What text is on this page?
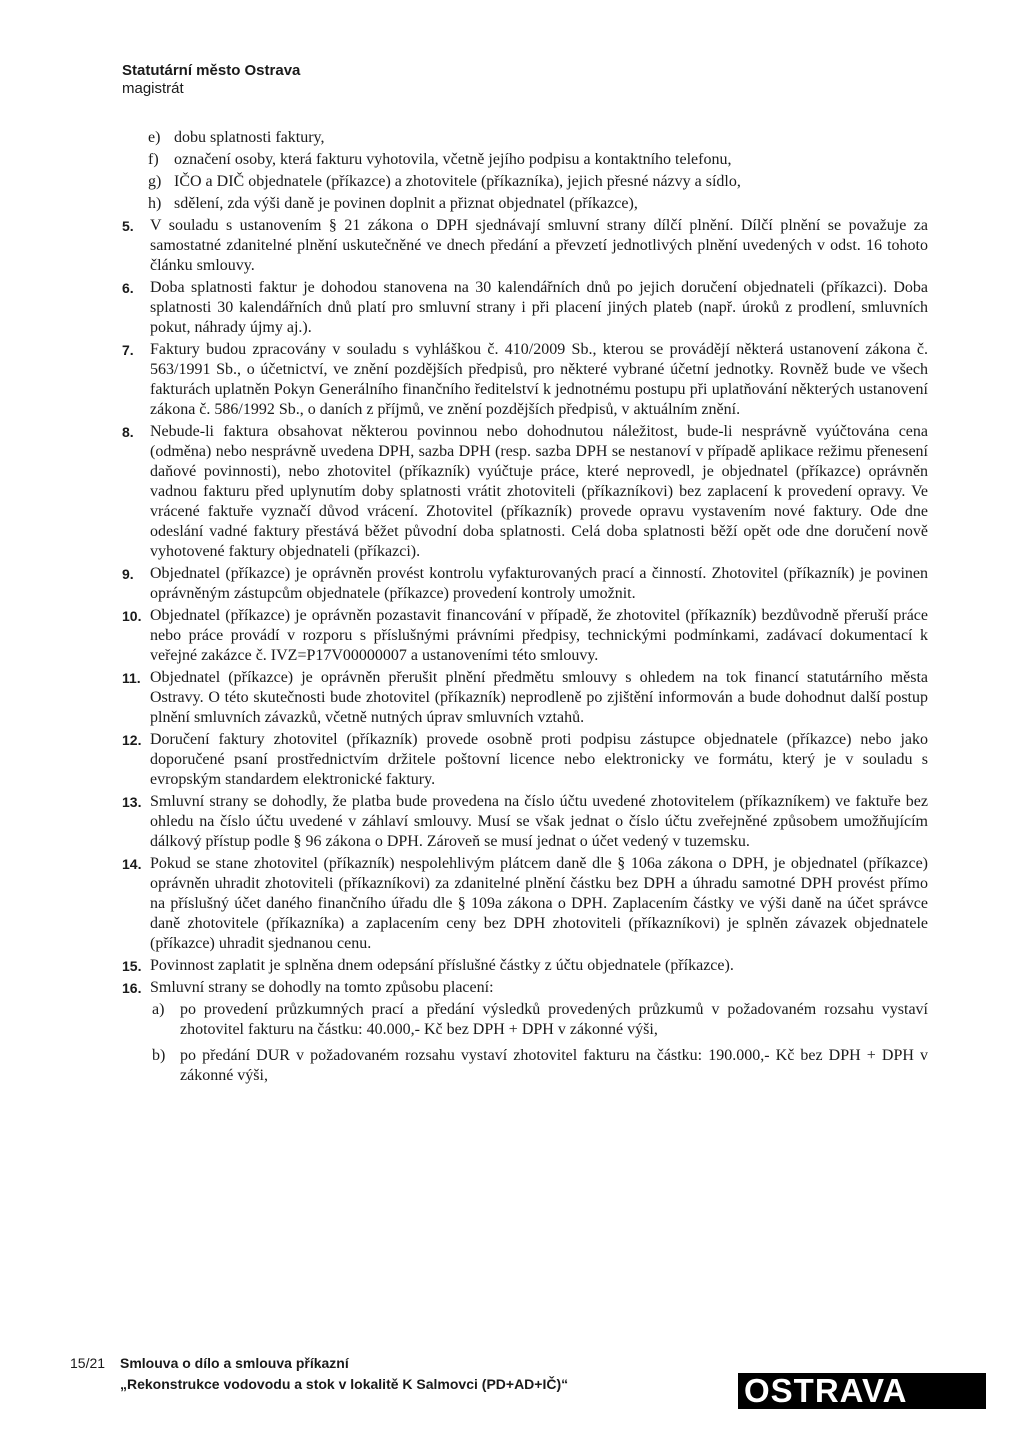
Statutární město Ostrava
magistrát
e) dobu splatnosti faktury,
f) označení osoby, která fakturu vyhotovila, včetně jejího podpisu a kontaktního telefonu,
g) IČO a DIČ objednatele (příkazce) a zhotovitele (příkazníka), jejich přesné názvy a sídlo,
h) sdělení, zda výši daně je povinen doplnit a přiznat objednatel (příkazce),
5. V souladu s ustanovením § 21 zákona o DPH sjednávají smluvní strany dílčí plnění. Dílčí plnění se považuje za samostatné zdanitelné plnění uskutečněné ve dnech předání a převzetí jednotlivých plnění uvedených v odst. 16 tohoto článku smlouvy.
6. Doba splatnosti faktur je dohodou stanovena na 30 kalendářních dnů po jejich doručení objednateli (příkazci). Doba splatnosti 30 kalendářních dnů platí pro smluvní strany i při placení jiných plateb (např. úroků z prodlení, smluvních pokut, náhrady újmy aj.).
7. Faktury budou zpracovány v souladu s vyhláškou č. 410/2009 Sb., kterou se provádějí některá ustanovení zákona č. 563/1991 Sb., o účetnictví, ve znění pozdějších předpisů, pro některé vybrané účetní jednotky. Rovněž bude ve všech fakturách uplatněn Pokyn Generálního finančního ředitelství k jednotnému postupu při uplatňování některých ustanovení zákona č. 586/1992 Sb., o daních z příjmů, ve znění pozdějších předpisů, v aktuálním znění.
8. Nebude-li faktura obsahovat některou povinnou nebo dohodnutou náležitost, bude-li nesprávně vyúčtována cena (odměna) nebo nesprávně uvedena DPH, sazba DPH (resp. sazba DPH se nestanoví v případě aplikace režimu přenesení daňové povinnosti), nebo zhotovitel (příkazník) vyúčtuje práce, které neprovedl, je objednatel (příkazce) oprávněn vadnou fakturu před uplynutím doby splatnosti vrátit zhotoviteli (příkazníkovi) bez zaplacení k provedení opravy. Ve vrácené faktuře vyznačí důvod vrácení. Zhotovitel (příkazník) provede opravu vystavením nové faktury. Ode dne odeslání vadné faktury přestává běžet původní doba splatnosti. Celá doba splatnosti běží opět ode dne doručení nově vyhotovené faktury objednateli (příkazci).
9. Objednatel (příkazce) je oprávněn provést kontrolu vyfakturovaných prací a činností. Zhotovitel (příkazník) je povinen oprávněným zástupcům objednatele (příkazce) provedení kontroly umožnit.
10. Objednatel (příkazce) je oprávněn pozastavit financování v případě, že zhotovitel (příkazník) bezdůvodně přeruší práce nebo práce provádí v rozporu s příslušnými právními předpisy, technickými podmínkami, zadávací dokumentací k veřejné zakázce č. IVZ=P17V00000007 a ustanoveními této smlouvy.
11. Objednatel (příkazce) je oprávněn přerušit plnění předmětu smlouvy s ohledem na tok financí statutárního města Ostravy. O této skutečnosti bude zhotovitel (příkazník) neprodleně po zjištění informován a bude dohodnut další postup plnění smluvních závazků, včetně nutných úprav smluvních vztahů.
12. Doručení faktury zhotovitel (příkazník) provede osobně proti podpisu zástupce objednatele (příkazce) nebo jako doporučené psaní prostřednictvím držitele poštovní licence nebo elektronicky ve formátu, který je v souladu s evropským standardem elektronické faktury.
13. Smluvní strany se dohodly, že platba bude provedena na číslo účtu uvedené zhotovitelem (příkazníkem) ve faktuře bez ohledu na číslo účtu uvedené v záhlaví smlouvy. Musí se však jednat o číslo účtu zveřejněné způsobem umožňujícím dálkový přístup podle § 96 zákona o DPH. Zároveň se musí jednat o účet vedený v tuzemsku.
14. Pokud se stane zhotovitel (příkazník) nespolehlivým plátcem daně dle § 106a zákona o DPH, je objednatel (příkazce) oprávněn uhradit zhotoviteli (příkazníkovi) za zdanitelné plnění částku bez DPH a úhradu samotné DPH provést přímo na příslušný účet daného finančního úřadu dle § 109a zákona o DPH. Zaplacením částky ve výši daně na účet správce daně zhotovitele (příkazníka) a zaplacením ceny bez DPH zhotoviteli (příkazníkovi) je splněn závazek objednatele (příkazce) uhradit sjednanou cenu.
15. Povinnost zaplatit je splněna dnem odepsání příslušné částky z účtu objednatele (příkazce).
16. Smluvní strany se dohodly na tomto způsobu placení:
a) po provedení průzkumných prací a předání výsledků provedených průzkumů v požadovaném rozsahu vystaví zhotovitel fakturu na částku: 40.000,- Kč bez DPH + DPH v zákonné výši,
b) po předání DUR v požadovaném rozsahu vystaví zhotovitel fakturu na částku: 190.000,- Kč bez DPH + DPH v zákonné výši,
15/21 Smlouva o dílo a smlouva příkazní
„Rekonstrukce vodovodu a stok v lokalitě K Salmovci (PD+AD+IČ)“	OSTRAVA
